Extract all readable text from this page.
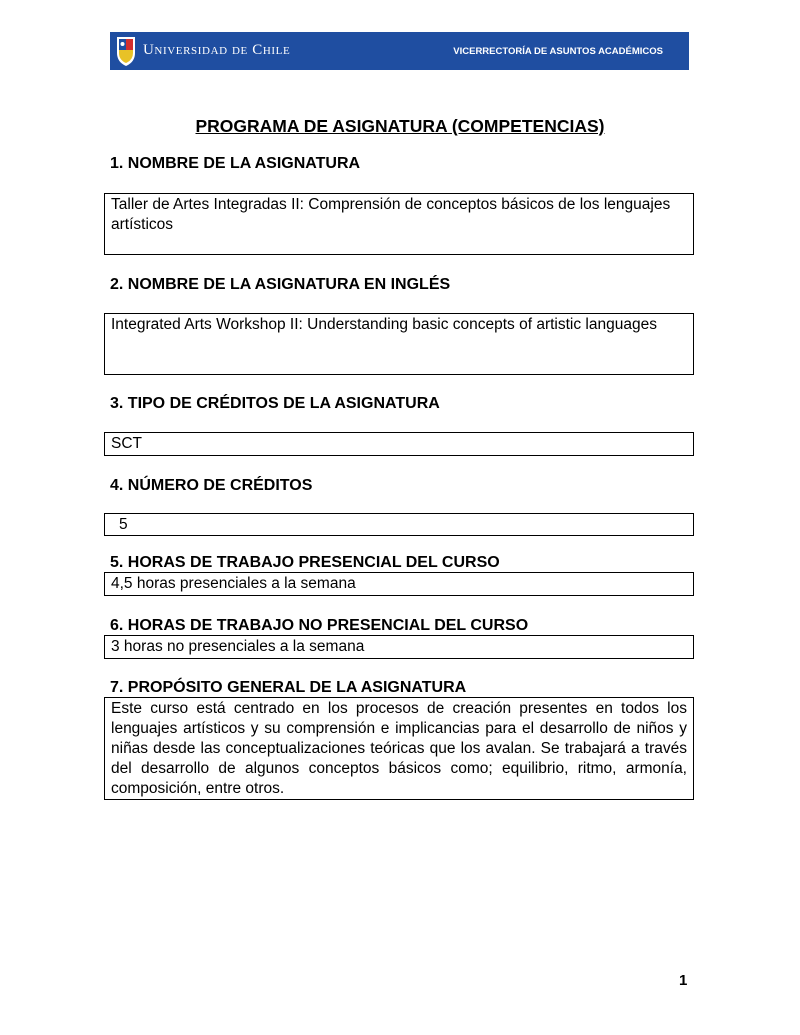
Universidad de Chile	VICERRECTORÍA DE ASUNTOS ACADÉMICOS
PROGRAMA DE ASIGNATURA (COMPETENCIAS)
1. NOMBRE DE LA ASIGNATURA
Taller de Artes Integradas II: Comprensión de conceptos básicos de los lenguajes artísticos
2. NOMBRE DE LA ASIGNATURA EN INGLÉS
Integrated Arts Workshop II: Understanding basic concepts of artistic languages
3. TIPO DE CRÉDITOS DE LA ASIGNATURA
SCT
4. NÚMERO DE CRÉDITOS
5
5. HORAS DE TRABAJO PRESENCIAL DEL CURSO
4,5 horas presenciales a la semana
6. HORAS DE TRABAJO NO PRESENCIAL DEL CURSO
3 horas no presenciales a la semana
7. PROPÓSITO GENERAL DE LA ASIGNATURA
Este curso está centrado en los procesos de creación presentes en todos los lenguajes artísticos y su comprensión e implicancias para el desarrollo de niños y niñas desde las conceptualizaciones teóricas que los avalan. Se trabajará a través del desarrollo de algunos conceptos básicos como; equilibrio, ritmo, armonía, composición, entre otros.
1
